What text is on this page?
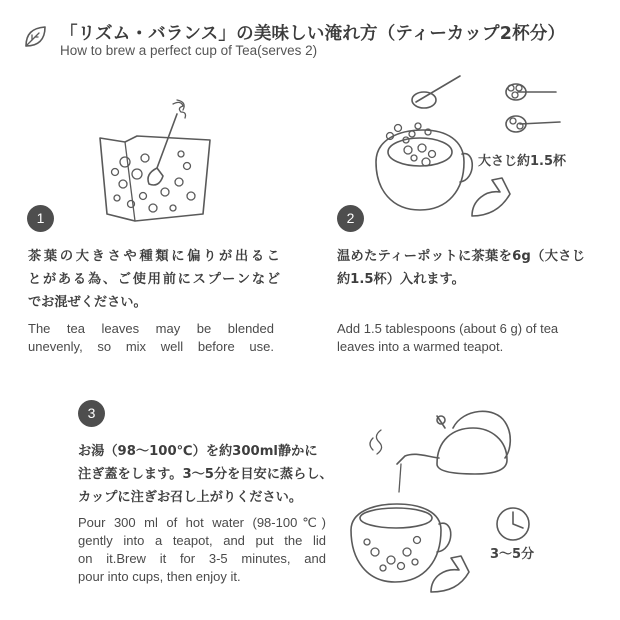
「リズム・バランス」の美味しい淹れ方（ティーカップ2杯分）
How to brew a perfect cup of Tea(serves 2)
1
茶葉の大きさや種類に偏りが出るこ
とがある為、ご使用前にスプーンなど
でお混ぜください。
The tea leaves may be blended
unevenly, so mix well before use.
大さじ約1.5杯
2
温めたティーポットに茶葉を6g（大さじ
約1.5杯）入れます。
Add 1.5 tablespoons (about 6 g) of tea
leaves into a warmed teapot.
3
お湯（98～100℃）を約300ml静かに
注ぎ蓋をします。3～5分を目安に蒸らし、
カップに注ぎお召し上がりください。
Pour 300 ml of hot water (98-100℃)
gently into a teapot, and put the lid
on it.Brew it for 3-5 minutes, and
pour into cups, then enjoy it.
3～5分
